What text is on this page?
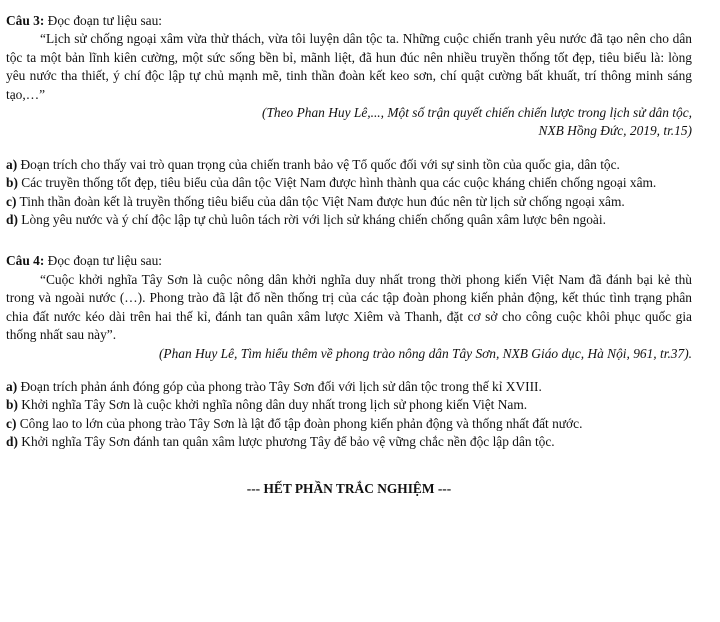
Câu 3: Đọc đoạn tư liệu sau:

“Lịch sử chống ngoại xâm vừa thử thách, vừa tôi luyện dân tộc ta. Những cuộc chiến tranh yêu nước đã tạo nên cho dân tộc ta một bản lĩnh kiên cường, một sức sống bền bỉ, mãnh liệt, đã hun đúc nên nhiều truyền thống tốt đẹp, tiêu biểu là: lòng yêu nước tha thiết, ý chí độc lập tự chủ mạnh mẽ, tinh thần đoàn kết keo sơn, chí quật cường bất khuất, trí thông minh sáng tạo,…”

(Theo Phan Huy Lê,..., Một số trận quyết chiến chiến lược trong lịch sử dân tộc,

NXB Hồng Đức, 2019, tr.15)

a) Đoạn trích cho thấy vai trò quan trọng của chiến tranh bảo vệ Tổ quốc đối với sự sinh tồn của quốc gia, dân tộc.

b) Các truyền thống tốt đẹp, tiêu biểu của dân tộc Việt Nam được hình thành qua các cuộc kháng chiến chống ngoại xâm.

c) Tinh thần đoàn kết là truyền thống tiêu biểu của dân tộc Việt Nam được hun đúc nên từ lịch sử chống ngoại xâm.

d) Lòng yêu nước và ý chí độc lập tự chủ luôn tách rời với lịch sử kháng chiến chống quân xâm lược bên ngoài.

Câu 4: Đọc đoạn tư liệu sau:

“Cuộc khởi nghĩa Tây Sơn là cuộc nông dân khởi nghĩa duy nhất trong thời phong kiến Việt Nam đã đánh bại kẻ thù trong và ngoài nước (…). Phong trào đã lật đổ nền thống trị của các tập đoàn phong kiến phản động, kết thúc tình trạng phân chia đất nước kéo dài trên hai thế kỉ, đánh tan quân xâm lược Xiêm và Thanh, đặt cơ sở cho công cuộc khôi phục quốc gia thống nhất sau này”.

(Phan Huy Lê, Tìm hiểu thêm về phong trào nông dân Tây Sơn, NXB Giáo dục, Hà Nội, 961, tr.37).

a) Đoạn trích phản ánh đóng góp của phong trào Tây Sơn đối với lịch sử dân tộc trong thế kỉ XVIII.

b) Khởi nghĩa Tây Sơn là cuộc khởi nghĩa nông dân duy nhất trong lịch sử phong kiến Việt Nam.

c) Công lao to lớn của phong trào Tây Sơn là lật đổ tập đoàn phong kiến phản động và thống nhất đất nước.

d) Khởi nghĩa Tây Sơn đánh tan quân xâm lược phương Tây để bảo vệ vững chắc nền độc lập dân tộc.

--- HẾT PHẦN TRẮC NGHIỆM ---
